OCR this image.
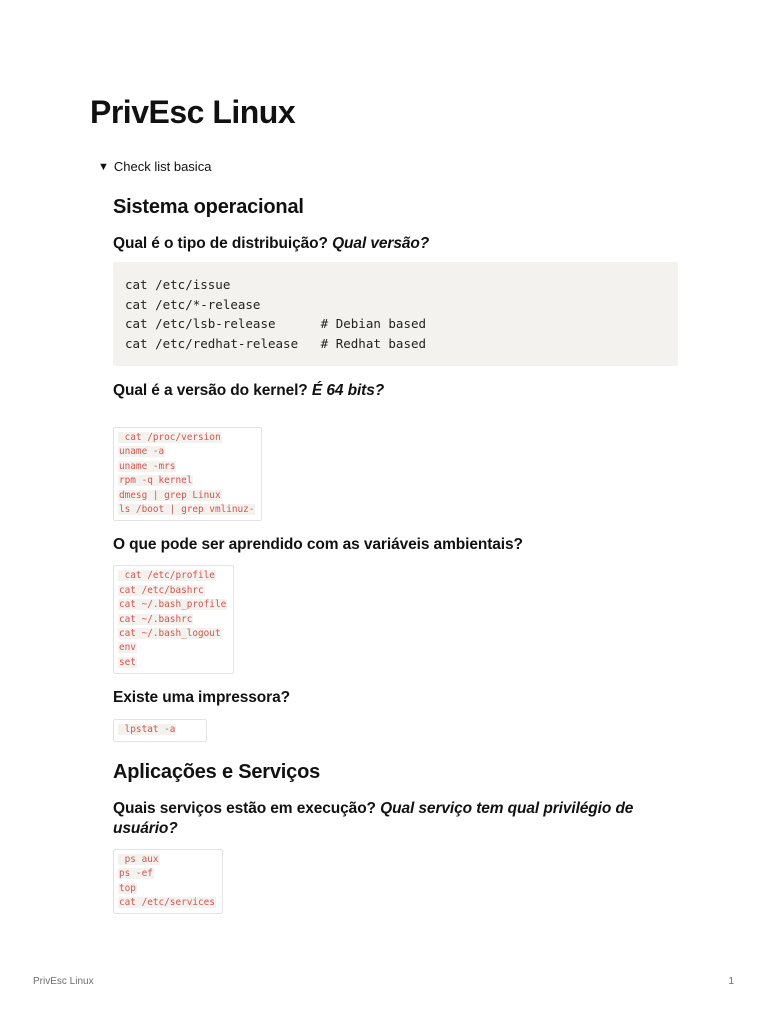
PrivEsc Linux
▼ Check list basica
Sistema operacional
Qual é o tipo de distribuição? Qual versão?
cat /etc/issue
cat /etc/*-release
cat /etc/lsb-release      # Debian based
cat /etc/redhat-release   # Redhat based
Qual é a versão do kernel? É 64 bits?
cat /proc/version
uname -a
uname -mrs
rpm -q kernel
dmesg | grep Linux
ls /boot | grep vmlinuz-
O que pode ser aprendido com as variáveis ambientais?
cat /etc/profile
cat /etc/bashrc
cat ~/.bash_profile
cat ~/.bashrc
cat ~/.bash_logout
env
set
Existe uma impressora?
lpstat -a
Aplicações e Serviços
Quais serviços estão em execução? Qual serviço tem qual privilégio de usuário?
ps aux
ps -ef
top
cat /etc/services
PrivEsc Linux	1
